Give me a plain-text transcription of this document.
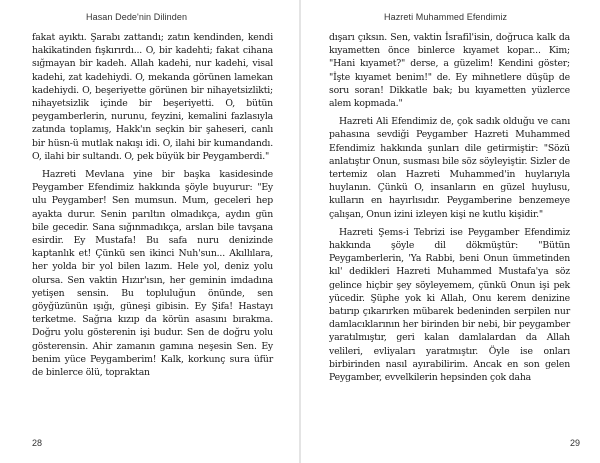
Hasan Dede'nin Dilinden

fakat ayıktı. Şarabı zattandı; zatın kendinden, kendi hakikatinden fışkırırdı... O, bir kadehti; fakat cihana sığmayan bir kadeh. Allah kadehi, nur kadehi, visal kadehi, zat kadehiydi. O, mekanda görünen lamekan kadehiydi. O, beşeriyette görünen bir nihayetsizlikti; nihayetsizlik içinde bir beşeriyetti. O, bütün peygamberlerin, nurunu, feyzini, kemalini fazlasıyla zatında toplamış, Hakk'ın seçkin bir şaheseri, canlı bir hüsn-ü mutlak nakışı idi. O, ilahi bir kumandandı. O, ilahi bir sultandı. O, pek büyük bir Peygamberdi."

Hazreti Mevlana yine bir başka kasidesinde Peygamber Efendimiz hakkında şöyle buyurur: "Ey ulu Peygamber! Sen mumsun. Mum, geceleri hep ayakta durur. Senin parıltın olmadıkça, aydın gün bile gecedir. Sana sığınmadıkça, arslan bile tavşana esirdir. Ey Mustafa! Bu safa nuru denizinde kaptanlık et! Çünkü sen ikinci Nuh'sun... Akıllılara, her yolda bir yol bilen lazım. Hele yol, deniz yolu olursa. Sen vaktin Hızır'ısın, her geminin imdadına yetişen sensin. Bu topluluğun önünde, sen göyğüzünün ışığı, güneşi gibisin. Ey Şifa! Hastayı terketme. Sağrıa kızıp da körün asasını bırakma. Doğru yolu gösterenin işi budur. Sen de doğru yolu gösterensin. Ahir zamanın gamına neşesin Sen. Ey benim yüce Peygamberim! Kalk, korkunç sura üfür de binlerce ölü, topraktan

28
Hazreti Muhammed Efendimiz

dışarı çıksın. Sen, vaktin İsrafil'isin, doğruca kalk da kıyametten önce binlerce kıyamet kopar... Kim; "Hani kıyamet?" derse, a güzelim! Kendini göster; "İşte kıyamet benim!" de. Ey mihnetlere düşüp de soru soran! Dikkatle bak; bu kıyametten yüzlerce alem kopmada."

Hazreti Ali Efendimiz de, çok sadık olduğu ve canı pahasına sevdiği Peygamber Hazreti Muhammed Efendimiz hakkında şunları dile getirmiştir: "Sözü anlatıştır Onun, susması bile söz söyleyiştir. Sizler de tertemiz olan Hazreti Muhammed'in huylarıyla huylanın. Çünkü O, insanların en güzel huylusu, kulların en hayırlısıdır. Peygamberine benzemeye çalışan, Onun izini izleyen kişi ne kutlu kişidir."

Hazreti Şems-i Tebrizi ise Peygamber Efendimiz hakkında şöyle dil dökmüştür: "Bütün Peygamberlerin, 'Ya Rabbi, beni Onun ümmetinden kıl' dedikleri Hazreti Muhammed Mustafa'ya söz gelince hiçbir şey söyleyemem, çünkü Onun işi pek yücedir. Şüphe yok ki Allah, Onu kerem denizine batırıp çıkarırken mübarek bedeninden serpilen nur damlacıklarının her birinden bir nebi, bir peygamber yaratılmıştır, geri kalan damlalardan da Allah velileri, evliyaları yaratmıştır. Öyle ise onları birbirinden nasıl ayırabilirim. Ancak en son gelen Peygamber, evvelkilerin hepsinden çok daha

29
